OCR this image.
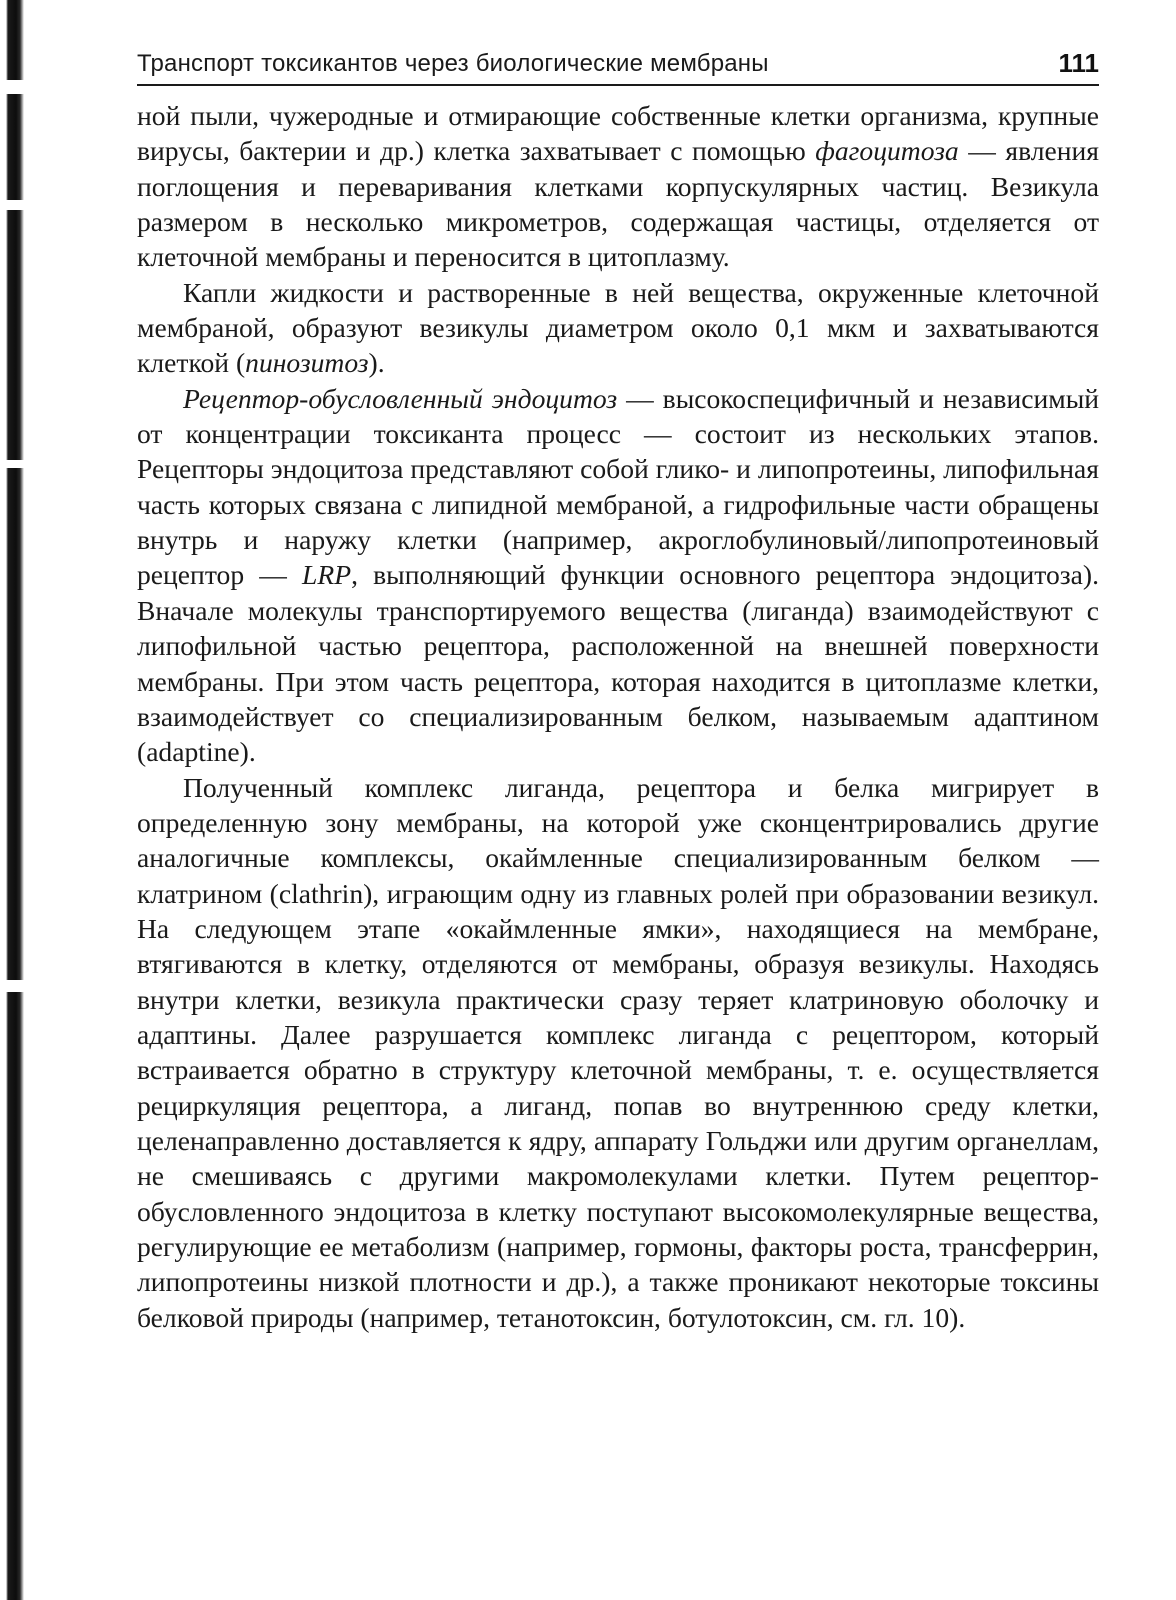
Транспорт токсикантов через биологические мембраны	111

ной пыли, чужеродные и отмирающие собственные клетки организма, крупные вирусы, бактерии и др.) клетка захватывает с помощью фагоцитоза — явления поглощения и переваривания клетками корпускулярных частиц. Везикула размером в несколько микрометров, содержащая частицы, отделяется от клеточной мембраны и переносится в цитоплазму.

Капли жидкости и растворенные в ней вещества, окруженные клеточной мембраной, образуют везикулы диаметром около 0,1 мкм и захватываются клеткой (пинозитоз).

Рецептор-обусловленный эндоцитоз — высокоспецифичный и независимый от концентрации токсиканта процесс — состоит из нескольких этапов. Рецепторы эндоцитоза представляют собой глико- и липопротеины, липофильная часть которых связана с липидной мембраной, а гидрофильные части обращены внутрь и наружу клетки (например, акроглобулиновый/липопротеиновый рецептор — LRP, выполняющий функции основного рецептора эндоцитоза). Вначале молекулы транспортируемого вещества (лиганда) взаимодействуют с липофильной частью рецептора, расположенной на внешней поверхности мембраны. При этом часть рецептора, которая находится в цитоплазме клетки, взаимодействует со специализированным белком, называемым адаптином (adaptine).

Полученный комплекс лиганда, рецептора и белка мигрирует в определенную зону мембраны, на которой уже сконцентрировались другие аналогичные комплексы, окаймленные специализированным белком — клатрином (clathrin), играющим одну из главных ролей при образовании везикул. На следующем этапе «окаймленные ямки», находящиеся на мембране, втягиваются в клетку, отделяются от мембраны, образуя везикулы. Находясь внутри клетки, везикула практически сразу теряет клатриновую оболочку и адаптины. Далее разрушается комплекс лиганда с рецептором, который встраивается обратно в структуру клеточной мембраны, т. е. осуществляется рециркуляция рецептора, а лиганд, попав во внутреннюю среду клетки, целенаправленно доставляется к ядру, аппарату Гольджи или другим органеллам, не смешиваясь с другими макромолекулами клетки. Путем рецептор-обусловленного эндоцитоза в клетку поступают высокомолекулярные вещества, регулирующие ее метаболизм (например, гормоны, факторы роста, трансферрин, липопротеины низкой плотности и др.), а также проникают некоторые токсины белковой природы (например, тетанотоксин, ботулотоксин, см. гл. 10).
